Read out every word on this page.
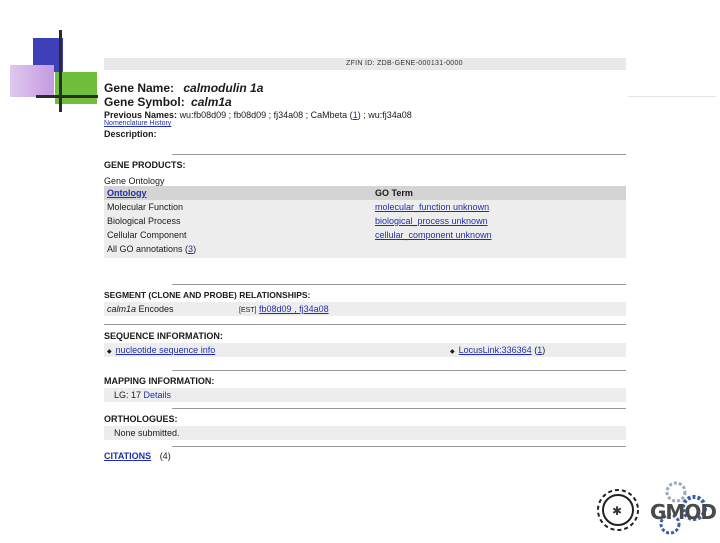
ZFIN ID: ZDB-GENE-000131-0000
Gene Name: calmodulin 1a
Gene Symbol: calm1a
Previous Names: wu:fb08d09 ; fb08d09 ; fj34a08 ; CaMbeta (1) ; wu:fj34a08
Nomenclature History
Description:
GENE PRODUCTS:
Gene Ontology
Ontology	GO Term
Molecular Function	molecular_function unknown
Biological Process	biological_process unknown
Cellular Component	cellular_component unknown
All GO annotations (3)
SEGMENT (CLONE AND PROBE) RELATIONSHIPS:
calm1a Encodes	[EST] fb08d09 , fj34a08
SEQUENCE INFORMATION:
◆ nucleotide sequence info	◆ LocusLink:336364 (1)
MAPPING INFORMATION:
LG: 17 Details
ORTHOLOGUES:
None submitted.
CITATIONS (4)
✱ GMOD
